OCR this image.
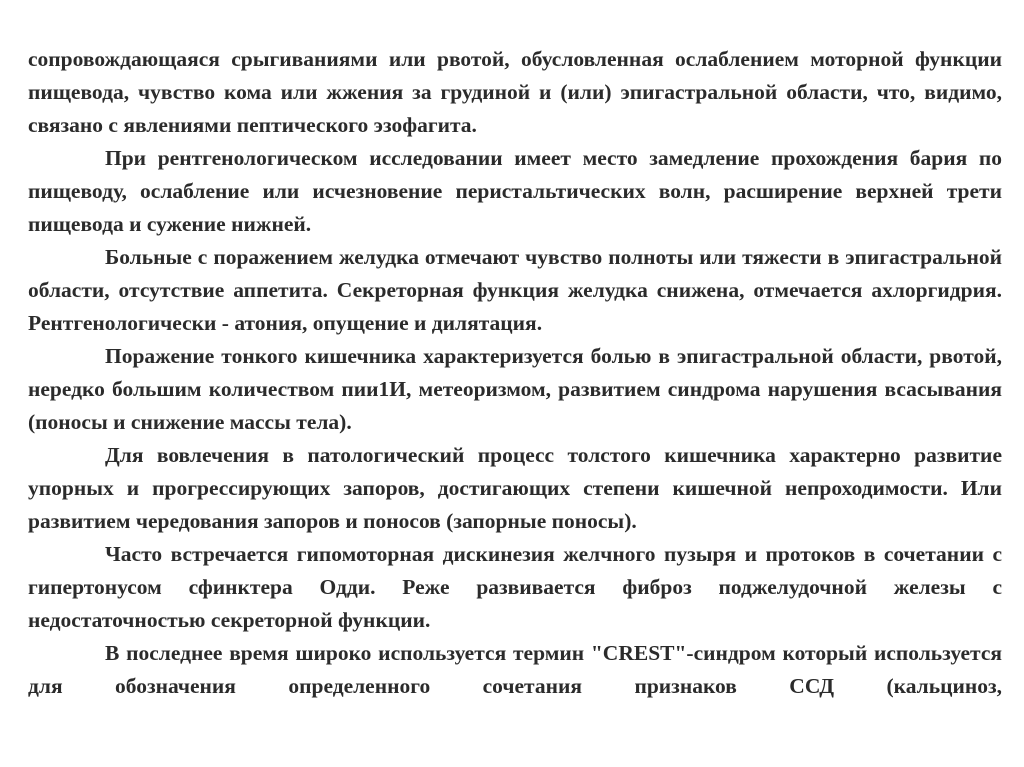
сопровождающаяся срыгиваниями или рвотой, обусловленная ослаблением моторной функции пищевода, чувство кома или жжения за грудиной и (или) эпигастральной области, что, видимо, связано с явлениями пептического эзофагита.

При рентгенологическом исследовании имеет место замедление прохождения бария по пищеводу, ослабление или исчезновение перистальтических волн, расширение верхней трети пищевода и сужение нижней.

Больные с поражением желудка отмечают чувство полноты или тяжести в эпигастральной области, отсутствие аппетита. Секреторная функция желудка снижена, отмечается ахлоргидрия. Рентгенологически - атония, опущение и дилятация.

Поражение тонкого кишечника характеризуется болью в эпигастральной области, рвотой, нередко большим количеством пии1И, метеоризмом, развитием синдрома нарушения всасывания (поносы и снижение массы тела).

Для вовлечения в патологический процесс толстого кишечника характерно развитие упорных и прогрессирующих запоров, достигающих степени кишечной непроходимости. Или развитием чередования запоров и поносов (запорные поносы).

Часто встречается гипомоторная дискинезия желчного пузыря и протоков в сочетании с гипертонусом сфинктера Одди. Реже развивается фиброз поджелудочной железы с недостаточностью секреторной функции.

В последнее время широко используется термин "CREST"-синдром который используется для обозначения определенного сочетания признаков ССД (кальциноз,
